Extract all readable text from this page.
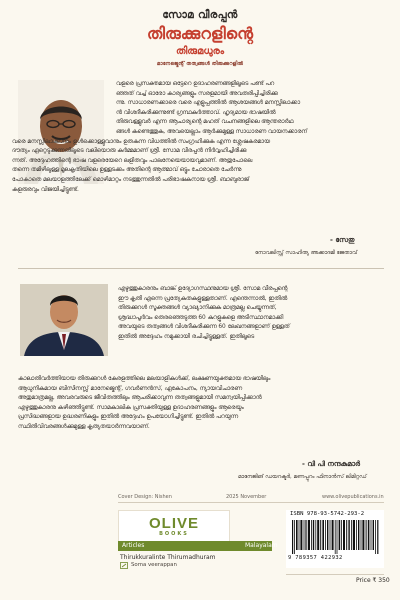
സോമ വീരപ്പൻ
തിരുക്കുറളിന്റെ
തിരുമധുരം
മാനേജ്മെന്റ് തത്വങ്ങൾ തിരുക്കുറളിൽ
വളരെ പ്രസക്തമായ ഒട്ടേറെ ഉദാഹരണങ്ങളിലൂടെ പണ്ട് പറ
ഞ്ഞത് വച്ച് ഓരോ കാര്യങ്ങളും സരളമായി അവതരിപ്പിച്ചിരിക്കു
ന്നു. സാധാരണക്കാരെ വരെ എളുപ്പത്തിൽ ആശയങ്ങൾ മനസ്സിലാക്കാ
ൻ വിശദീകരിക്കുന്നുണ്ട് ഗ്രന്ഥകർത്താവ്. ഹൃദ്യമായ ഭാഷയിൽ
തിരുവള്ളുവർ എന്ന ആചാര്യന്റെ മഹത് വചനങ്ങളിലെ ആന്തരാർഥ
ങ്ങൾ കണ്ടെത്തുക, അവയെല്ലാം ആർക്കുമുള്ള സാധാരണ വായനക്കാരന്
വരെ മനസ്സിലാക്കാനും ഉൾക്കൊള്ളുവാനും ഉതകുന്ന വിധത്തിൽ സംഗ്രഹിക്കുക എന്ന ശ്ലേഷകരമായ
ദൗത്യം ഏറ്റെടുക്കുന്നതിലൂടെ വലിയൊരു കർമ്മമാണ് ശ്രീ. സോമ വീരപ്പൻ നിർവ്വഹിച്ചിരിക്കു
ന്നത്. അദ്ദേഹത്തിന്റെ ഭാഷ വളരെയേറെ ലളിതവും പാലനേയെയായവുമാണ്. അതുപോലെ
തന്നെ തമിഴിലുള്ള മൂലകൃതിയിലെ ഉള്ളടക്കം അതിന്റെ ആത്മാവ് ഒട്ടും ചോരാതെ ചേർന്നു
പോകാതെ മലയാളത്തിലേക്ക് മൊഴിമാറ്റം നടത്തുന്നതിൽ പരിഭാഷകനായ ശ്രീ. ബാബുരാജ്
കളരുരവും വിജയിച്ചിട്ടുണ്ട്.
- സേതു
നോവലിസ്റ്റ് സാഹിത്യ അക്കാദമി ജേതാവ്
എഴുത്തുകാരനും ബാങ്ക് ഉദ്യോഗസ്ഥനുമായ ശ്രീ. സോമ വീരപ്പന്റെ
ഈ കൃതി എന്നെ പ്രത്യേകതകളുള്ളതാണ്. എന്തെന്നാൽ, ഇതിൽ
തിരുക്കുറൾ സൂക്തങ്ങൾ വ്യാഖ്യാനിക്കുക മാത്രമല്ല ചെയ്യുന്നത്,
ശ്രദ്ധാപൂർവം തെരഞ്ഞെടുത്ത 60 കുറളുകളെ അടിസ്ഥാനമാക്കി
അവയുടെ തത്വങ്ങൾ വിശദീകരിക്കുന്ന 60 ലേഖനങ്ങളാണ് ഉള്ളത്
ഇതിൽ അദ്ദേഹം നമുക്കായി രചിച്ചിട്ടുള്ളത്. ഇതിലൂടെ
കാലാതിവർത്തിയായ തിരുക്കുറൾ കേരളത്തിലെ മലയാളികൾക്ക്, ലക്ഷണയുക്തമായ ഭാഷയിലും
ആധുനികമായ ബിസിനസ്സ് മാനേജ്മെന്റ്, ഗവർണൻസ്, ഏകോപനം, ന്യായവിചാരണ
അതുമാത്രമല്ല, അവരവരുടെ ജീവിതത്തിലും ആചരിക്കാവുന്ന തത്വങ്ങളുമായി സമന്വയിപ്പിക്കാൻ
എഴുത്തുകാരനു കഴിഞ്ഞിട്ടുണ്ട്. സാമകാലിക പ്രസക്തിയുള്ള ഉദാഹരണങ്ങളും ആരെയും
പ്രസിദ്ധങ്ങളായ ഉദ്ധരണികളും ഇതിൽ അദ്ദേഹം ഉപയോഗിച്ചിട്ടുണ്ട്. ഇതിൽ പറയുന്ന
സ്ഥിതിവിവരങ്ങൾക്കുമുള്ള കൃത്യതയാർന്നവയാണ്.
- വി പി നന്ദകുമാർ
മാനേജിങ് ഡയറക്ടർ, മണപ്പുറം ഫിനാൻസ് ലിമിറ്റഡ്
Cover Design: Nishen	2025 November	www.olivepublications.in
OLIVE
BOOKS
Articles	Malayalam
Thirukkuralinte Thirumadhuram
Soma veerappan
ISBN 978-93-5742-293-2
9 789357 422932
Price ₹ 350
